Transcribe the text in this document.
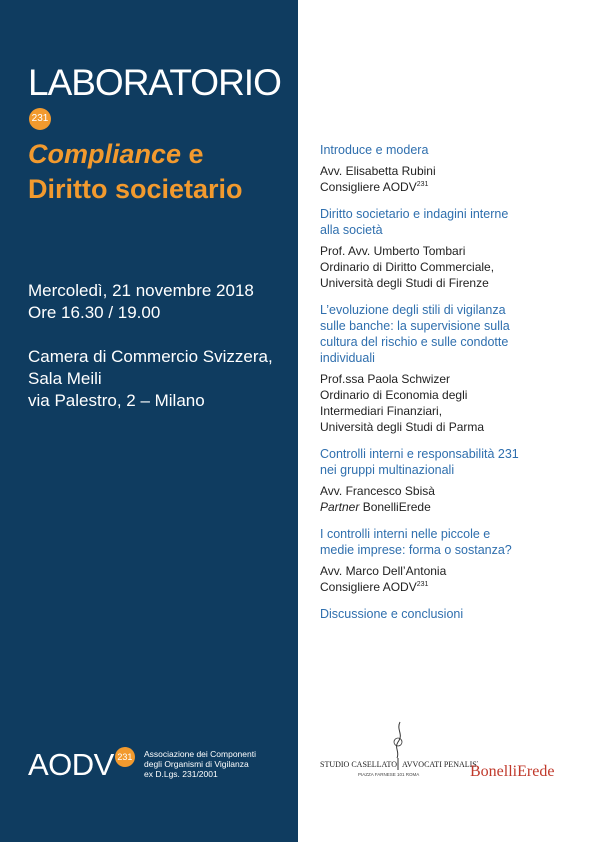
LABORATORIO231
Compliance e
Diritto societario
Mercoledì, 21 novembre 2018
Ore 16.30 / 19.00
Camera di Commercio Svizzera,
Sala Meili
via Palestro, 2 – Milano
AODV 231 Associazione dei Componenti
degli Organismi di Vigilanza
ex D.Lgs. 231/2001
Introduce e modera
Avv. Elisabetta Rubini
Consigliere AODV$^{231}$
Diritto societario e indagini interne
alla società
Prof. Avv. Umberto Tombari
Ordinario di Diritto Commerciale,
Università degli Studi di Firenze
L’evoluzione degli stili di vigilanza
sulle banche: la supervisione sulla
cultura del rischio e sulle condotte
individuali
Prof.ssa Paola Schwizer
Ordinario di Economia degli
Intermediari Finanziari,
Università degli Studi di Parma
Controlli interni e responsabilità 231
nei gruppi multinazionali
Avv. Francesco Sbisà
Partner BonelliErede
I controlli interni nelle piccole e
medie imprese: forma o sostanza?
Avv. Marco Dell’Antonia
Consigliere AODV$^{231}$
Discussione e conclusioni
STUDIO CASELLATO AVVOCATI PENALISTI
PIAZZA FARNESE 101 ROMA	BonelliErede
